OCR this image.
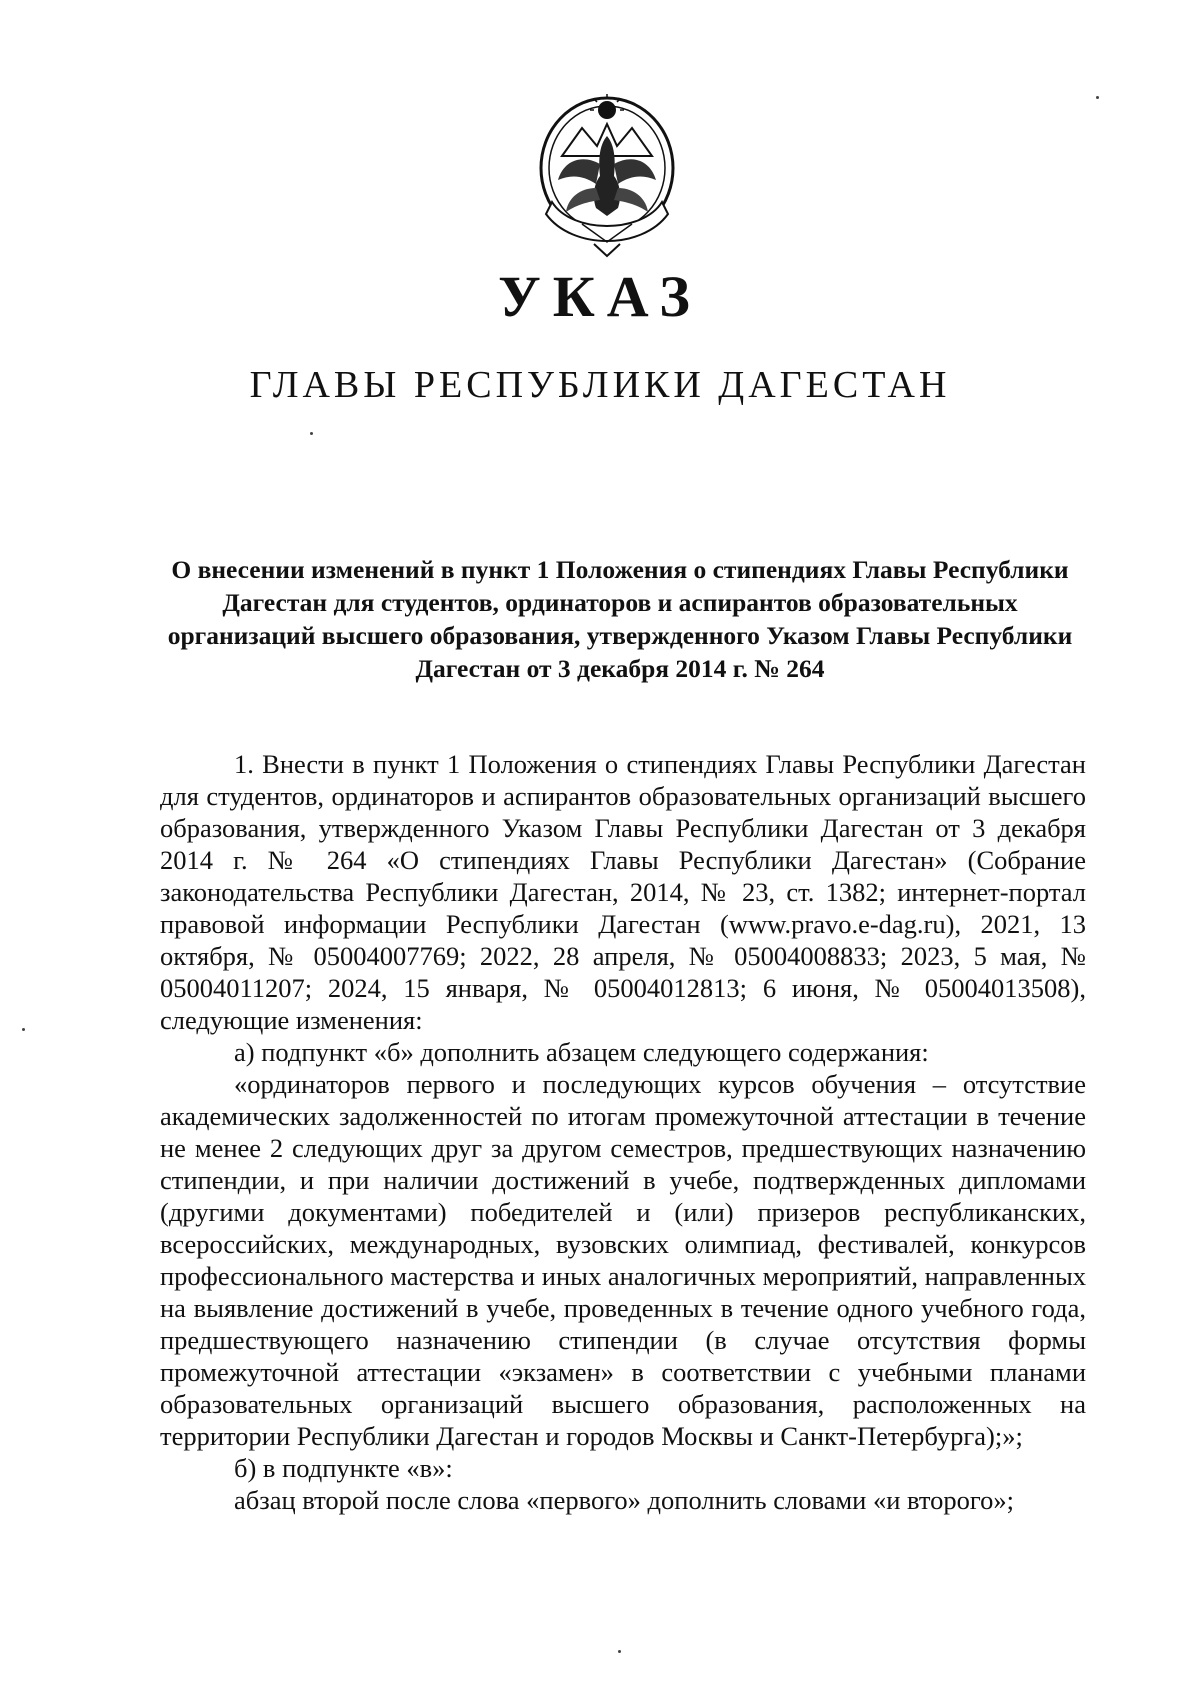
УКАЗ
ГЛАВЫ РЕСПУБЛИКИ ДАГЕСТАН
О внесении изменений в пункт 1 Положения о стипендиях Главы Республики Дагестан для студентов, ординаторов и аспирантов образовательных организаций высшего образования, утвержденного Указом Главы Республики Дагестан от 3 декабря 2014 г. № 264

1. Внести в пункт 1 Положения о стипендиях Главы Республики Дагестан для студентов, ординаторов и аспирантов образовательных организаций высшего образования, утвержденного Указом Главы Республики Дагестан от 3 декабря 2014 г. № 264 «О стипендиях Главы Республики Дагестан» (Собрание законодательства Республики Дагестан, 2014, № 23, ст. 1382; интернет-портал правовой информации Республики Дагестан (www.pravo.e-dag.ru), 2021, 13 октября, № 05004007769; 2022, 28 апреля, № 05004008833; 2023, 5 мая, № 05004011207; 2024, 15 января, № 05004012813; 6 июня, № 05004013508), следующие изменения:

а) подпункт «б» дополнить абзацем следующего содержания:

«ординаторов первого и последующих курсов обучения – отсутствие академических задолженностей по итогам промежуточной аттестации в течение не менее 2 следующих друг за другом семестров, предшествующих назначению стипендии, и при наличии достижений в учебе, подтвержденных дипломами (другими документами) победителей и (или) призеров республиканских, всероссийских, международных, вузовских олимпиад, фестивалей, конкурсов профессионального мастерства и иных аналогичных мероприятий, направленных на выявление достижений в учебе, проведенных в течение одного учебного года, предшествующего назначению стипендии (в случае отсутствия формы промежуточной аттестации «экзамен» в соответствии с учебными планами образовательных организаций высшего образования, расположенных на территории Республики Дагестан и городов Москвы и Санкт-Петербурга);»;

б) в подпункте «в»:

абзац второй после слова «первого» дополнить словами «и второго»;
